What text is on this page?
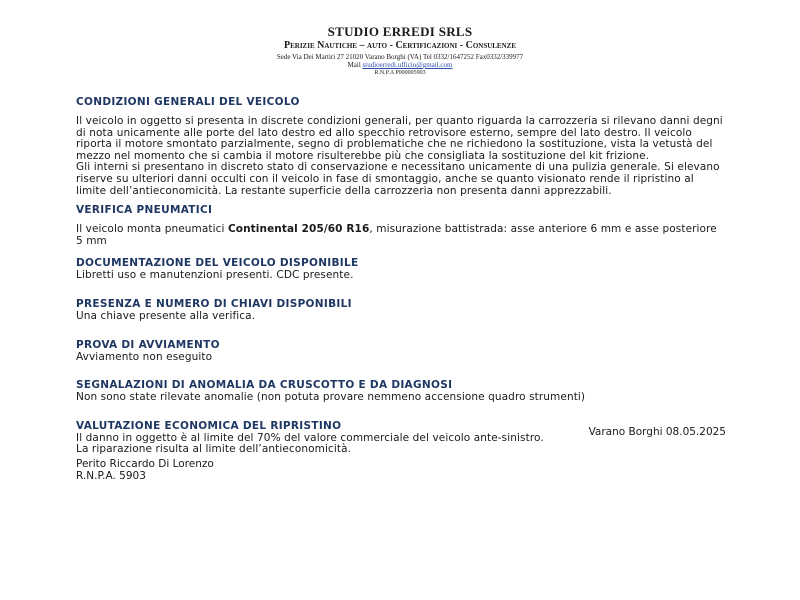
STUDIO ERREDI SRLS
Perizie Nautiche – auto - Certificazioni - Consulenze
Sede Via Dei Martiri 27 21020 Varano Borghi (VA) Tel 0332/1647252 Fax0332/339977
Mail studioerredi.ufficio@gmail.com
R.N.P.A P000005903
CONDIZIONI GENERALI DEL VEICOLO

Il veicolo in oggetto si presenta in discrete condizioni generali, per quanto riguarda la carrozzeria si rilevano danni degni di nota unicamente alle porte del lato destro ed allo specchio retrovisore esterno, sempre del lato destro. Il veicolo riporta il motore smontato parzialmente, segno di problematiche che ne richiedono la sostituzione, vista la vetustà del mezzo nel momento che si cambia il motore risulterebbe più che consigliata la sostituzione del kit frizione.

Gli interni si presentano in discreto stato di conservazione e necessitano unicamente di una pulizia generale. Si elevano riserve su ulteriori danni occulti con il veicolo in fase di smontaggio, anche se quanto visionato rende il ripristino al limite dell’antieconomicità. La restante superficie della carrozzeria non presenta danni apprezzabili.

VERIFICA PNEUMATICI

Il veicolo monta pneumatici Continental 205/60 R16, misurazione battistrada: asse anteriore 6 mm e asse posteriore 5 mm

DOCUMENTAZIONE DEL VEICOLO DISPONIBILE

Libretti uso e manutenzioni presenti. CDC presente.

PRESENZA E NUMERO DI CHIAVI DISPONIBILI

Una chiave presente alla verifica.

PROVA DI AVVIAMENTO

Avviamento non eseguito

SEGNALAZIONI DI ANOMALIA DA CRUSCOTTO E DA DIAGNOSI

Non sono state rilevate anomalie (non potuta provare nemmeno accensione quadro strumenti)

VALUTAZIONE ECONOMICA DEL RIPRISTINO

Il danno in oggetto è al limite del 70% del valore commerciale del veicolo ante-sinistro.

La riparazione risulta al limite dell’antieconomicità.

Varano Borghi 08.05.2025
Perito Riccardo Di Lorenzo
R.N.P.A. 5903
